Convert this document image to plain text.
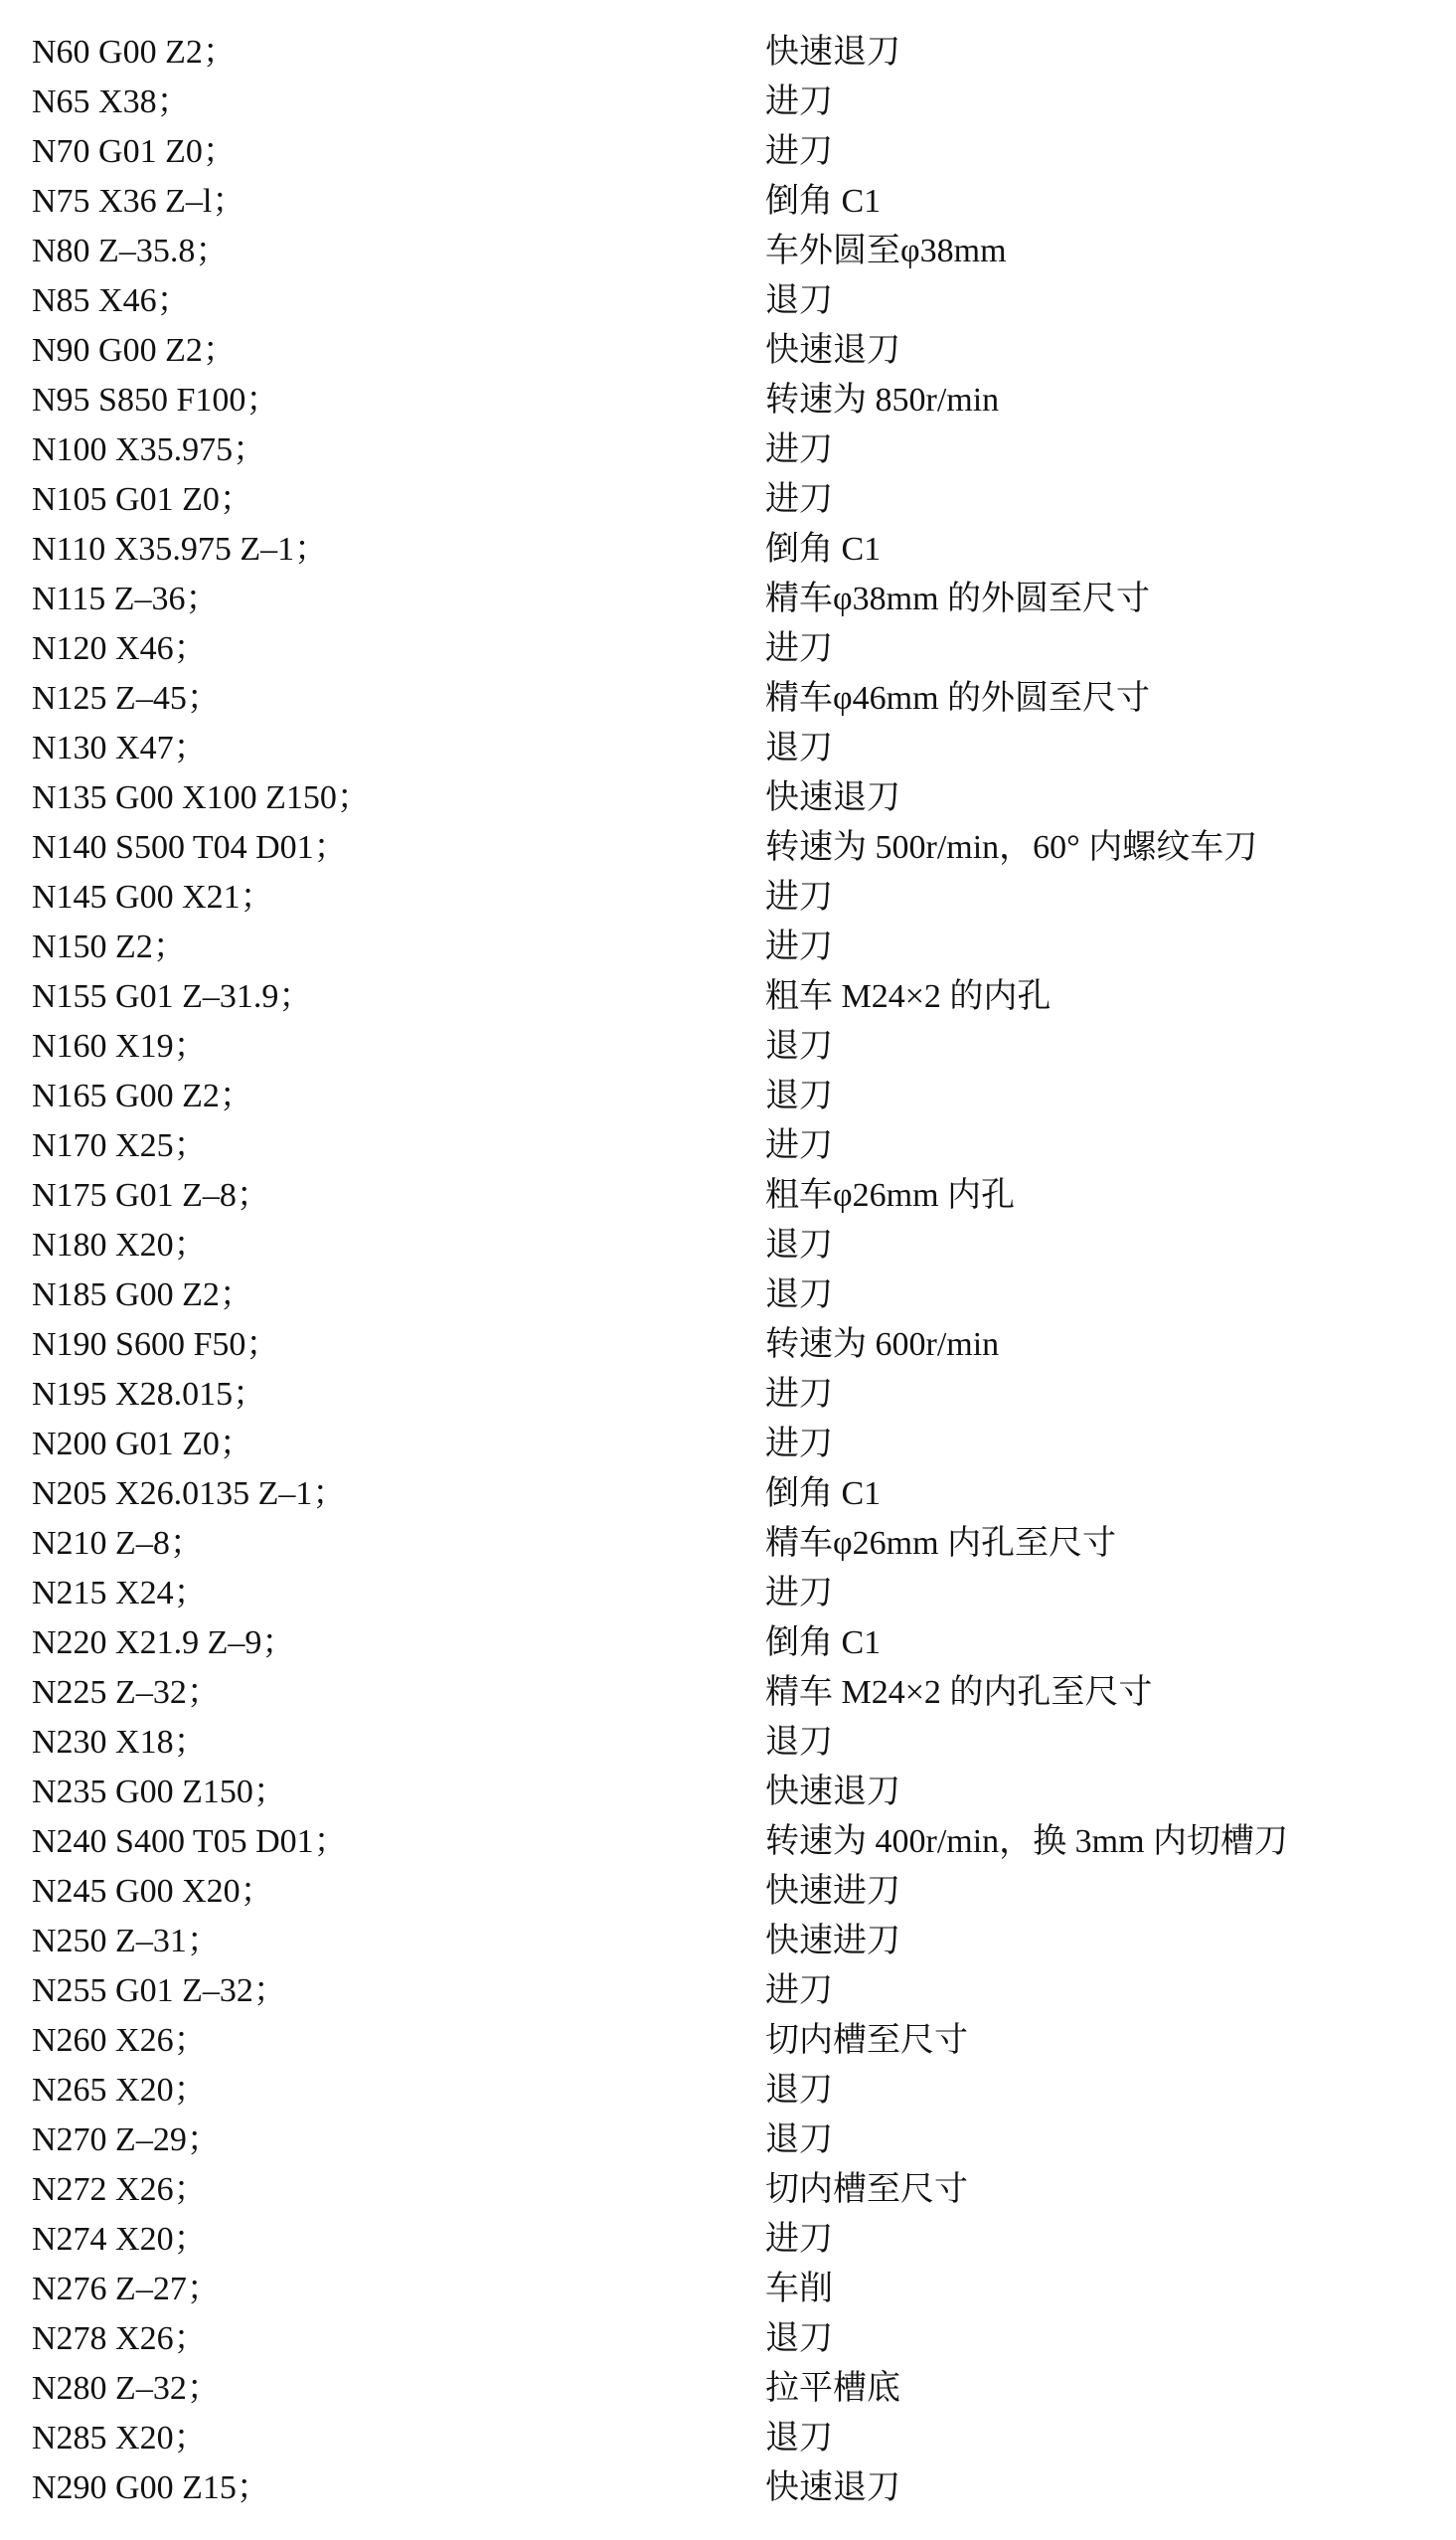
N60 G00 Z2；	快速退刀
N65 X38；	进刀
N70 G01 Z0；	进刀
N75 X36 Z–l；	倒角 C1
N80 Z–35.8；	车外圆至φ38mm
N85 X46；	退刀
N90 G00 Z2；	快速退刀
N95 S850 F100；	转速为 850r/min
N100 X35.975；	进刀
N105 G01 Z0；	进刀
N110 X35.975 Z–1；	倒角 C1
N115 Z–36；	精车φ38mm 的外圆至尺寸
N120 X46；	进刀
N125 Z–45；	精车φ46mm 的外圆至尺寸
N130 X47；	退刀
N135 G00 X100 Z150；	快速退刀
N140 S500 T04 D01；	转速为 500r/min，60° 内螺纹车刀
N145 G00 X21；	进刀
N150 Z2；	进刀
N155 G01 Z–31.9；	粗车 M24×2 的内孔
N160 X19；	退刀
N165 G00 Z2；	退刀
N170 X25；	进刀
N175 G01 Z–8；	粗车φ26mm 内孔
N180 X20；	退刀
N185 G00 Z2；	退刀
N190 S600 F50；	转速为 600r/min
N195 X28.015；	进刀
N200 G01 Z0；	进刀
N205 X26.0135 Z–1；	倒角 C1
N210 Z–8；	精车φ26mm 内孔至尺寸
N215 X24；	进刀
N220 X21.9 Z–9；	倒角 C1
N225 Z–32；	精车 M24×2 的内孔至尺寸
N230 X18；	退刀
N235 G00 Z150；	快速退刀
N240 S400 T05 D01；	转速为 400r/min，换 3mm 内切槽刀
N245 G00 X20；	快速进刀
N250 Z–31；	快速进刀
N255 G01 Z–32；	进刀
N260 X26；	切内槽至尺寸
N265 X20；	退刀
N270 Z–29；	退刀
N272 X26；	切内槽至尺寸
N274 X20；	进刀
N276 Z–27；	车削
N278 X26；	退刀
N280 Z–32；	拉平槽底
N285 X20；	退刀
N290 G00 Z15；	快速退刀
